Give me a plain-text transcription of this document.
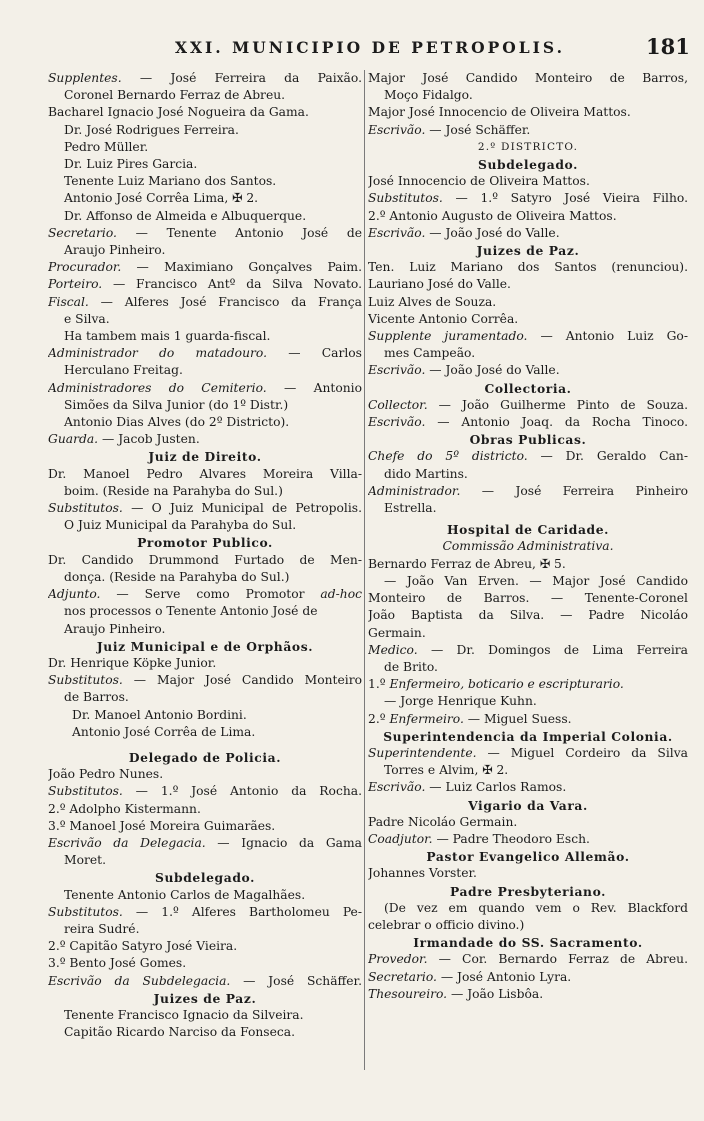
XXI. MUNICIPIO DE PETROPOLIS.	181
Supplentes. — José Ferreira da Paixão.
Coronel Bernardo Ferraz de Abreu.
Bacharel Ignacio José Nogueira da Gama.
Dr. José Rodrigues Ferreira.
Pedro Müller.
Dr. Luiz Pires Garcia.
Tenente Luiz Mariano dos Santos.
Antonio José Corrêa Lima, ✠ 2.
Dr. Affonso de Almeida e Albuquerque.
Secretario. — Tenente Antonio José de
Araujo Pinheiro.
Procurador. — Maximiano Gonçalves Paim.
Porteiro. — Francisco Antº da Silva Novato.
Fiscal. — Alferes José Francisco da França
e Silva.
Ha tambem mais 1 guarda-fiscal.
Administrador do matadouro. — Carlos
Herculano Freitag.
Administradores do Cemiterio. — Antonio
Simões da Silva Junior (do 1º Distr.)
Antonio Dias Alves (do 2º Districto).
Guarda. — Jacob Justen.
Juiz de Direito.
Dr. Manoel Pedro Alvares Moreira Villa-
boim. (Reside na Parahyba do Sul.)
Substitutos. — O Juiz Municipal de Petropolis.
O Juiz Municipal da Parahyba do Sul.
Promotor Publico.
Dr. Candido Drummond Furtado de Men-
donça. (Reside na Parahyba do Sul.)
Adjunto. — Serve como Promotor ad-hoc
nos processos o Tenente Antonio José de
Araujo Pinheiro.
Juiz Municipal e de Orphãos.
Dr. Henrique Köpke Junior.
Substitutos. — Major José Candido Monteiro
de Barros.
Dr. Manoel Antonio Bordini.
Antonio José Corrêa de Lima.
Delegado de Policia.
João Pedro Nunes.
Substitutos. — 1.º José Antonio da Rocha.
2.º Adolpho Kistermann.
3.º Manoel José Moreira Guimarães.
Escrivão da Delegacia. — Ignacio da Gama
Moret.
Subdelegado.
Tenente Antonio Carlos de Magalhães.
Substitutos. — 1.º Alferes Bartholomeu Pe-
reira Sudré.
2.º Capitão Satyro José Vieira.
3.º Bento José Gomes.
Escrivão da Subdelegacia. — José Schäffer.
Juizes de Paz.
Tenente Francisco Ignacio da Silveira.
Capitão Ricardo Narciso da Fonseca.
Major José Candido Monteiro de Barros,
Moço Fidalgo.
Major José Innocencio de Oliveira Mattos.
Escrivão. — José Schäffer.
2.º DISTRICTO.
Subdelegado.
José Innocencio de Oliveira Mattos.
Substitutos. — 1.º Satyro José Vieira Filho.
2.º Antonio Augusto de Oliveira Mattos.
Escrivão. — João José do Valle.
Juizes de Paz.
Ten. Luiz Mariano dos Santos (renunciou).
Lauriano José do Valle.
Luiz Alves de Souza.
Vicente Antonio Corrêa.
Supplente juramentado. — Antonio Luiz Go-
mes Campeão.
Escrivão. — João José do Valle.
Collectoria.
Collector. — João Guilherme Pinto de Souza.
Escrivão. — Antonio Joaq. da Rocha Tinoco.
Obras Publicas.
Chefe do 5º districto. — Dr. Geraldo Can-
dido Martins.
Administrador. — José Ferreira Pinheiro
Estrella.
Hospital de Caridade.
Commissão Administrativa.
Bernardo Ferraz de Abreu, ✠ 5.
— João Van Erven. — Major José Candido
Monteiro de Barros. — Tenente-Coronel
João Baptista da Silva. — Padre Nicoláo
Germain.
Medico. — Dr. Domingos de Lima Ferreira
de Brito.
1.º Enfermeiro, boticario e escripturario.
— Jorge Henrique Kuhn.
2.º Enfermeiro. — Miguel Suess.
Superintendencia da Imperial Colonia.
Superintendente. — Miguel Cordeiro da Silva
Torres e Alvim, ✠ 2.
Escrivão. — Luiz Carlos Ramos.
Vigario da Vara.
Padre Nicoláo Germain.
Coadjutor. — Padre Theodoro Esch.
Pastor Evangelico Allemão.
Johannes Vorster.
Padre Presbyteriano.
(De vez em quando vem o Rev. Blackford
celebrar o officio divino.)
Irmandade do SS. Sacramento.
Provedor. — Cor. Bernardo Ferraz de Abreu.
Secretario. — José Antonio Lyra.
Thesoureiro. — João Lisbôa.
